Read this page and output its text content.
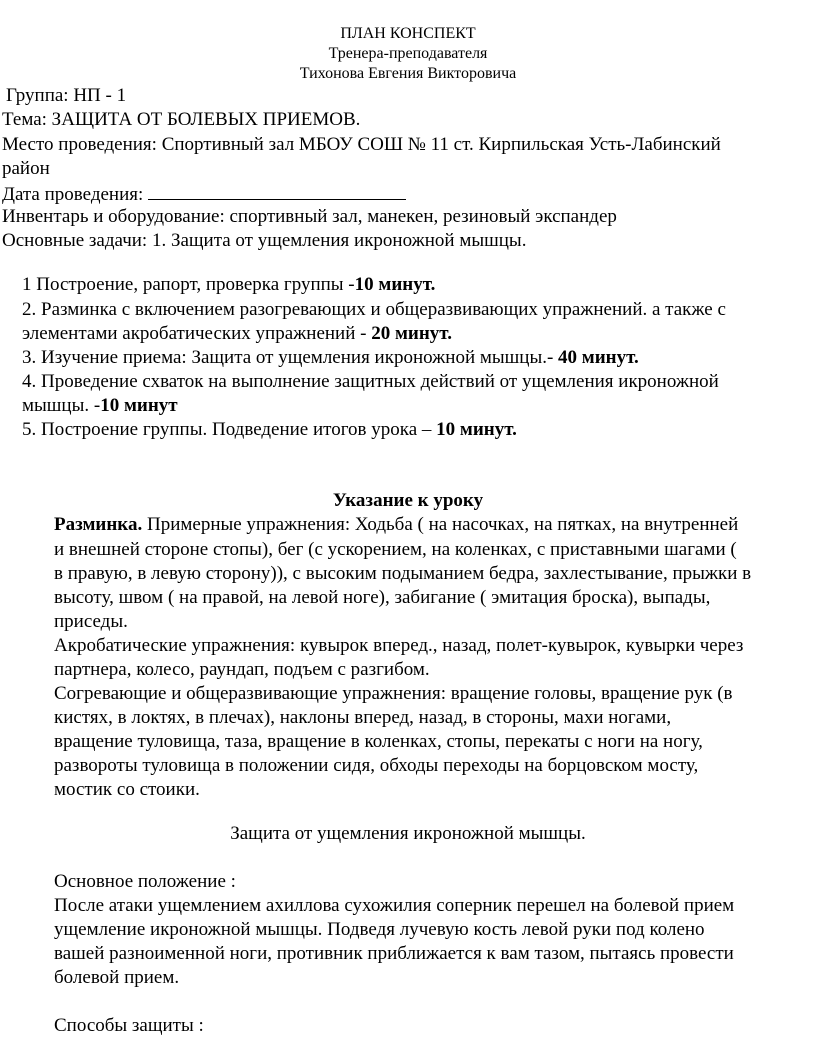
ПЛАН КОНСПЕКТ
Тренера-преподавателя
Тихонова Евгения Викторовича
Группа: НП - 1
Тема: ЗАЩИТА ОТ БОЛЕВЫХ ПРИЕМОВ.
Место проведения: Спортивный зал МБОУ СОШ № 11 ст. Кирпильская Усть-Лабинский
район
Дата проведения:
Инвентарь и оборудование: спортивный зал, манекен, резиновый экспандер
Основные задачи: 1. Защита от ущемления икроножной мышцы.
1 Построение, рапорт, проверка группы -10 минут.
2. Разминка с включением разогревающих и общеразвивающих упражнений. а также с
элементами акробатических упражнений - 20 минут.
3. Изучение приема: Защита от ущемления икроножной мышцы.- 40 минут.
4. Проведение схваток на выполнение защитных действий от ущемления икроножной
мышцы. -10 минут
5. Построение группы. Подведение итогов урока – 10 минут.
Указание к уроку
Разминка. Примерные упражнения: Ходьба ( на насочках, на пятках, на внутренней
и внешней стороне стопы), бег (с ускорением, на коленках, с приставными шагами (
в правую, в левую сторону)), с высоким подыманием бедра, захлестывание, прыжки в
высоту, швом ( на правой, на левой ноге), забигание ( эмитация броска), выпады,
приседы.
Акробатические упражнения: кувырок вперед., назад, полет-кувырок, кувырки через
партнера, колесо, раундап, подъем с разгибом.
Согревающие и общеразвивающие упражнения: вращение головы, вращение рук (в
кистях, в локтях, в плечах), наклоны вперед, назад, в стороны, махи ногами,
вращение туловища, таза, вращение в коленках, стопы, перекаты с ноги на ногу,
развороты туловища в положении сидя, обходы переходы на борцовском мосту,
мостик со стоики.
Защита от ущемления икроножной мышцы.
Основное положение :
После атаки ущемлением ахиллова сухожилия соперник перешел на болевой прием
ущемление икроножной мышцы. Подведя лучевую кость левой руки под колено
вашей разноименной ноги, противник приближается к вам тазом, пытаясь провести
болевой прием.
Способы защиты :
